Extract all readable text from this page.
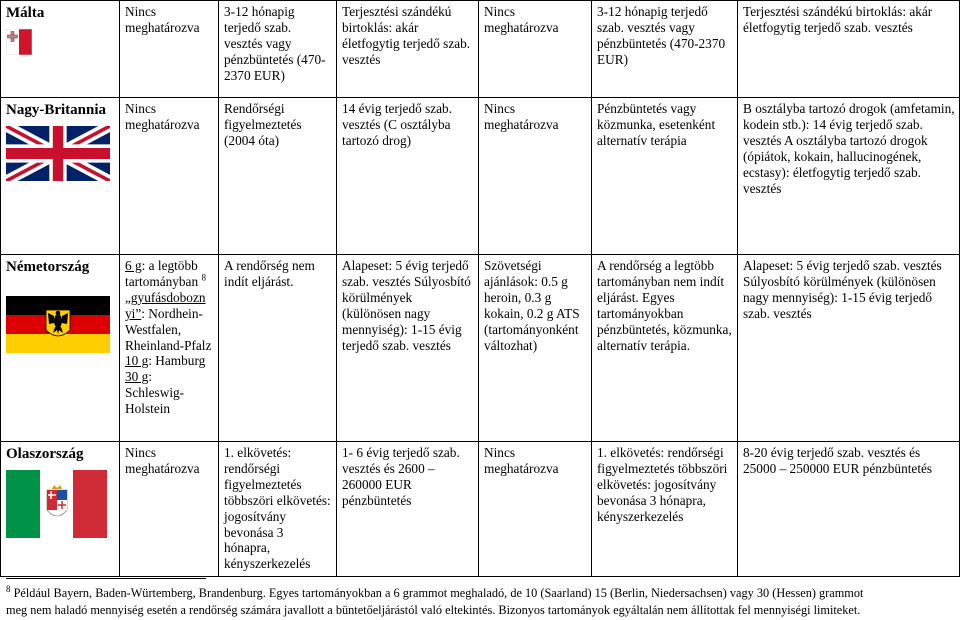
Málta	Nincs meghatározva	3-12 hónapig terjedő szab. vesztés vagy pénzbüntetés (470-2370 EUR)	Terjesztési szándékú birtoklás: akár életfogytig terjedő szab. vesztés	Nincs meghatározva	3-12 hónapig terjedő szab. vesztés vagy pénzbüntetés (470-2370 EUR)	Terjesztési szándékú birtoklás: akár életfogytig terjedő szab. vesztés

Nagy-Britannia	Nincs meghatározva	Rendőrségi figyelmeztetés (2004 óta)	14 évig terjedő szab. vesztés (C osztályba tartozó drog)	Nincs meghatározva	Pénzbüntetés vagy közmunka, esetenként alternatív terápia	B osztályba tartozó drogok (amfetamin, kodein stb.): 14 évig terjedő szab. vesztés A osztályba tartozó drogok (ópiátok, kokain, hallucinogének, ecstasy): életfogytig terjedő szab. vesztés

Németország	6 g: a legtöbb tartományban $^8$ „gyufásdobozn yi”: Nordhein-Westfalen, Rheinland-Pfalz
10 g: Hamburg
30 g: Schleswig-Holstein	A rendőrség nem indít eljárást.	Alapeset: 5 évig terjedő szab. vesztés Súlyosbító körülmények (különösen nagy mennyiség): 1-15 évig terjedő szab. vesztés	Szövetségi ajánlások: 0.5 g heroin, 0.3 g kokain, 0.2 g ATS (tartományonként változhat)	A rendőrség a legtöbb tartományban nem indít eljárást. Egyes tartományokban pénzbüntetés, közmunka, alternatív terápia.	Alapeset: 5 évig terjedő szab. vesztés Súlyosbító körülmények (különösen nagy mennyiség): 1-15 évig terjedő szab. vesztés

Olaszország	Nincs meghatározva	1. elkövetés: rendőrségi figyelmeztetés többszöri elkövetés: jogosítvány bevonása 3 hónapra, kényszerkezelés	1- 6 évig terjedő szab. vesztés és 2600 – 260000 EUR pénzbüntetés	Nincs meghatározva	1. elkövetés: rendőrségi figyelmeztetés többszöri elkövetés: jogosítvány bevonása 3 hónapra, kényszerkezelés	8-20 évig terjedő szab. vesztés és 25000 – 250000 EUR pénzbüntetés

$^8$ Például Bayern, Baden-Würtemberg, Brandenburg. Egyes tartományokban a 6 grammot meghaladó, de 10 (Saarland) 15 (Berlin, Niedersachsen) vagy 30 (Hessen) grammot

meg nem haladó mennyiség esetén a rendőrség számára javallott a büntetőeljárástól való eltekintés. Bizonyos tartományok egyáltalán nem állítottak fel mennyiségi limiteket.
